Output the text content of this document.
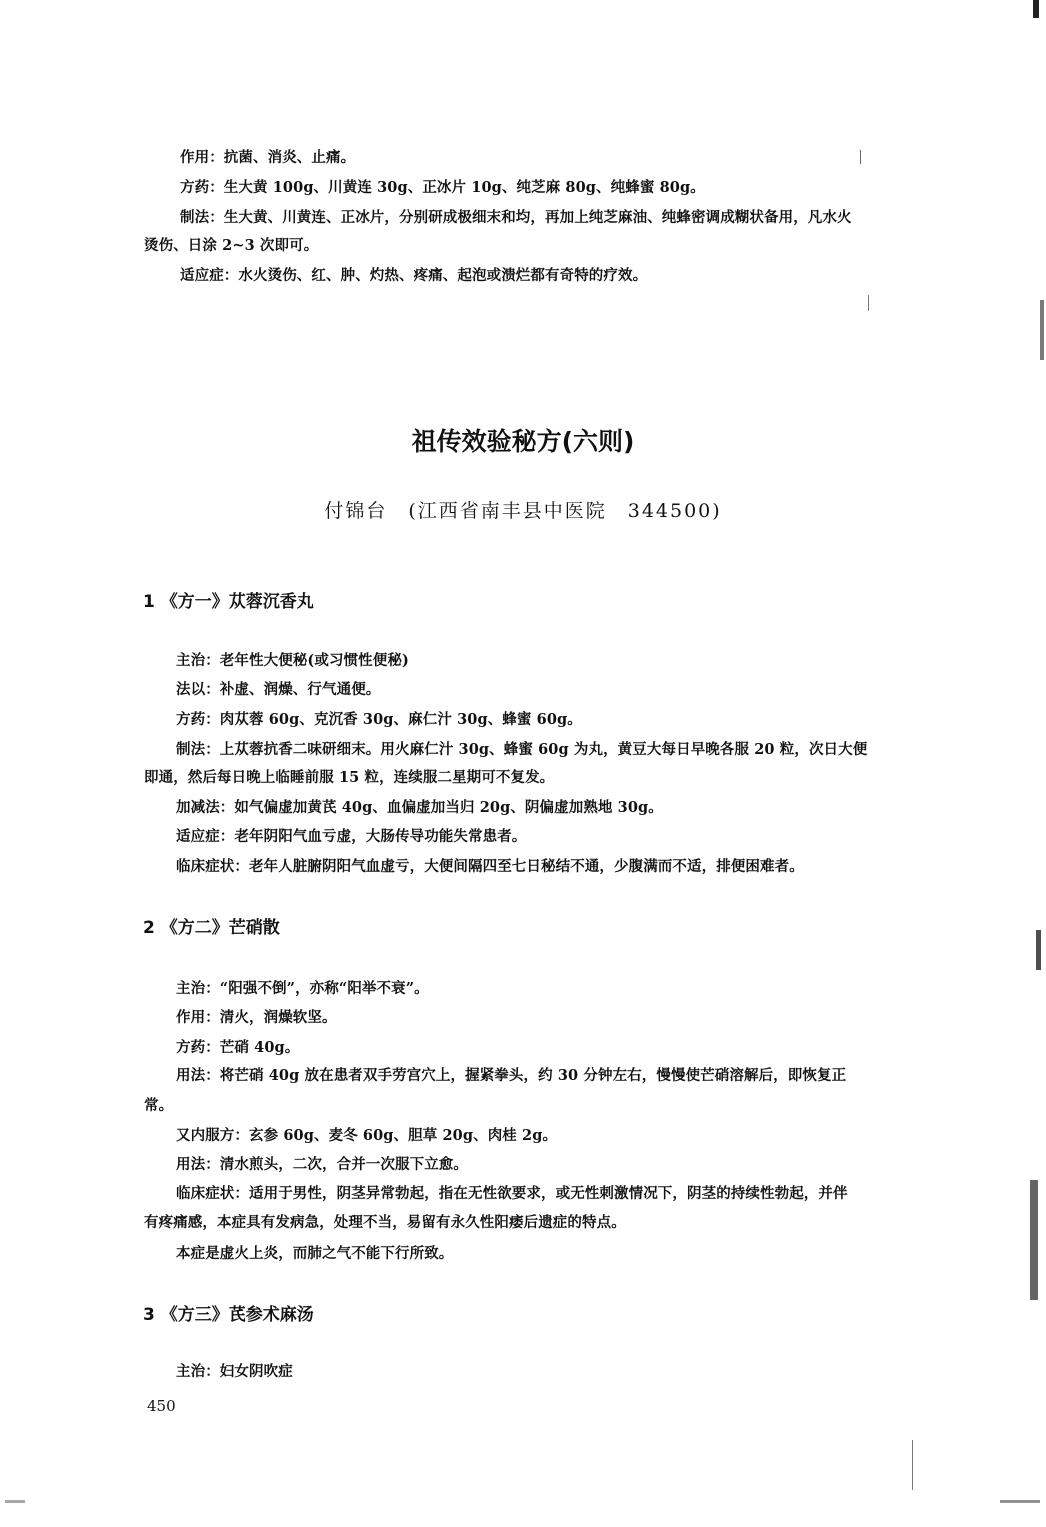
作用：抗菌、消炎、止痛。

方药：生大黄 100g、川黄连 30g、正冰片 10g、纯芝麻 80g、纯蜂蜜 80g。

制法：生大黄、川黄连、正冰片，分别研成极细末和均，再加上纯芝麻油、纯蜂密调成糊状备用，凡水火

烫伤、日涂 2~3 次即可。

适应症：水火烫伤、红、肿、灼热、疼痛、起泡或溃烂都有奇特的疗效。

祖传效验秘方(六则)

付锦台　(江西省南丰县中医院　344500)

1 《方一》苁蓉沉香丸

主治：老年性大便秘(或习惯性便秘)

法以：补虚、润燥、行气通便。

方药：肉苁蓉 60g、克沉香 30g、麻仁汁 30g、蜂蜜 60g。

制法：上苁蓉抗香二味研细末。用火麻仁汁 30g、蜂蜜 60g 为丸，黄豆大每日早晚各服 20 粒，次日大便

即通，然后每日晚上临睡前服 15 粒，连续服二星期可不复发。

加减法：如气偏虚加黄芪 40g、血偏虚加当归 20g、阴偏虚加熟地 30g。

适应症：老年阴阳气血亏虚，大肠传导功能失常患者。

临床症状：老年人脏腑阴阳气血虚亏，大便间隔四至七日秘结不通，少腹满而不适，排便困难者。

2 《方二》芒硝散

主治：“阳强不倒”，亦称“阳举不衰”。

作用：清火，润燥软坚。

方药：芒硝 40g。

用法：将芒硝 40g 放在患者双手劳宫穴上，握紧拳头，约 30 分钟左右，慢慢使芒硝溶解后，即恢复正

常。

又内服方：玄参 60g、麦冬 60g、胆草 20g、肉桂 2g。

用法：清水煎头，二次，合并一次服下立愈。

临床症状：适用于男性，阴茎异常勃起，指在无性欲要求，或无性刺激情况下，阴茎的持续性勃起，并伴

有疼痛感，本症具有发病急，处理不当，易留有永久性阳痿后遗症的特点。

本症是虚火上炎，而肺之气不能下行所致。

3 《方三》芪参术麻汤

主治：妇女阴吹症

450
